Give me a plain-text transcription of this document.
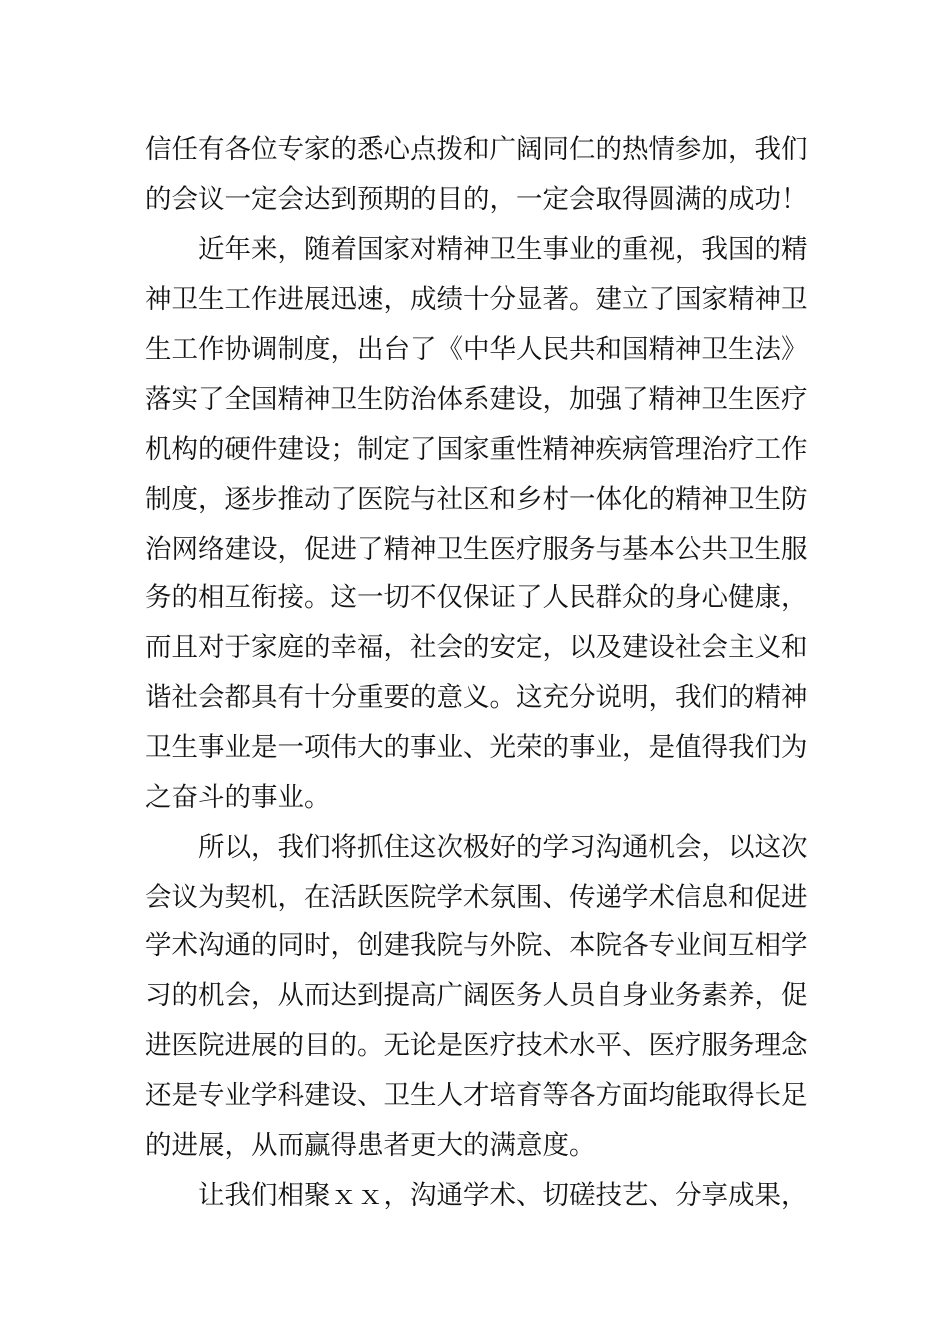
信任有各位专家的悉心点拨和广阔同仁的热情参加，我们
的会议一定会达到预期的目的，一定会取得圆满的成功！
近年来，随着国家对精神卫生事业的重视，我国的精
神卫生工作进展迅速，成绩十分显著。建立了国家精神卫
生工作协调制度，出台了《中华人民共和国精神卫生法》
落实了全国精神卫生防治体系建设，加强了精神卫生医疗
机构的硬件建设；制定了国家重性精神疾病管理治疗工作
制度，逐步推动了医院与社区和乡村一体化的精神卫生防
治网络建设，促进了精神卫生医疗服务与基本公共卫生服
务的相互衔接。这一切不仅保证了人民群众的身心健康，
而且对于家庭的幸福，社会的安定，以及建设社会主义和
谐社会都具有十分重要的意义。这充分说明，我们的精神
卫生事业是一项伟大的事业、光荣的事业，是值得我们为
之奋斗的事业。
所以，我们将抓住这次极好的学习沟通机会，以这次
会议为契机，在活跃医院学术氛围、传递学术信息和促进
学术沟通的同时，创建我院与外院、本院各专业间互相学
习的机会，从而达到提高广阔医务人员自身业务素养，促
进医院进展的目的。无论是医疗技术水平、医疗服务理念
还是专业学科建设、卫生人才培育等各方面均能取得长足
的进展，从而赢得患者更大的满意度。
让我们相聚ｘｘ，沟通学术、切磋技艺、分享成果，
